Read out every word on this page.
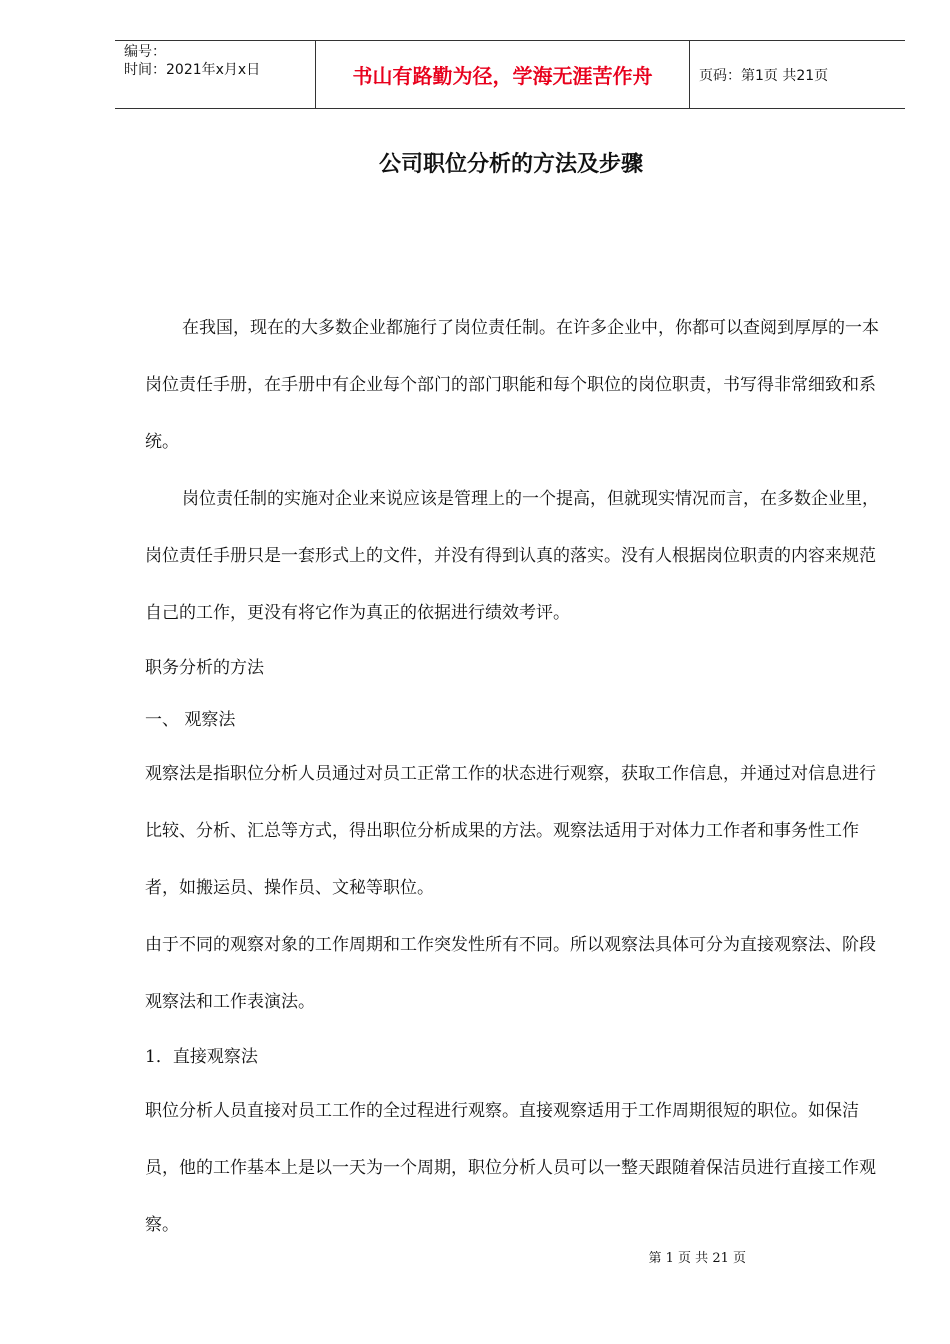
编号：
时间：2021年x月x日	书山有路勤为径，学海无涯苦作舟	页码：第1页 共21页
公司职位分析的方法及步骤

在我国，现在的大多数企业都施行了岗位责任制。在许多企业中，你都可以查阅到厚厚的一本岗位责任手册，在手册中有企业每个部门的部门职能和每个职位的岗位职责，书写得非常细致和系统。

岗位责任制的实施对企业来说应该是管理上的一个提高，但就现实情况而言，在多数企业里，岗位责任手册只是一套形式上的文件，并没有得到认真的落实。没有人根据岗位职责的内容来规范自己的工作，更没有将它作为真正的依据进行绩效考评。

职务分析的方法

一、 观察法

观察法是指职位分析人员通过对员工正常工作的状态进行观察，获取工作信息，并通过对信息进行比较、分析、汇总等方式，得出职位分析成果的方法。观察法适用于对体力工作者和事务性工作者，如搬运员、操作员、文秘等职位。

由于不同的观察对象的工作周期和工作突发性所有不同。所以观察法具体可分为直接观察法、阶段观察法和工作表演法。

1．直接观察法

职位分析人员直接对员工工作的全过程进行观察。直接观察适用于工作周期很短的职位。如保洁员，他的工作基本上是以一天为一个周期，职位分析人员可以一整天跟随着保洁员进行直接工作观察。

第 1 页 共 21 页
